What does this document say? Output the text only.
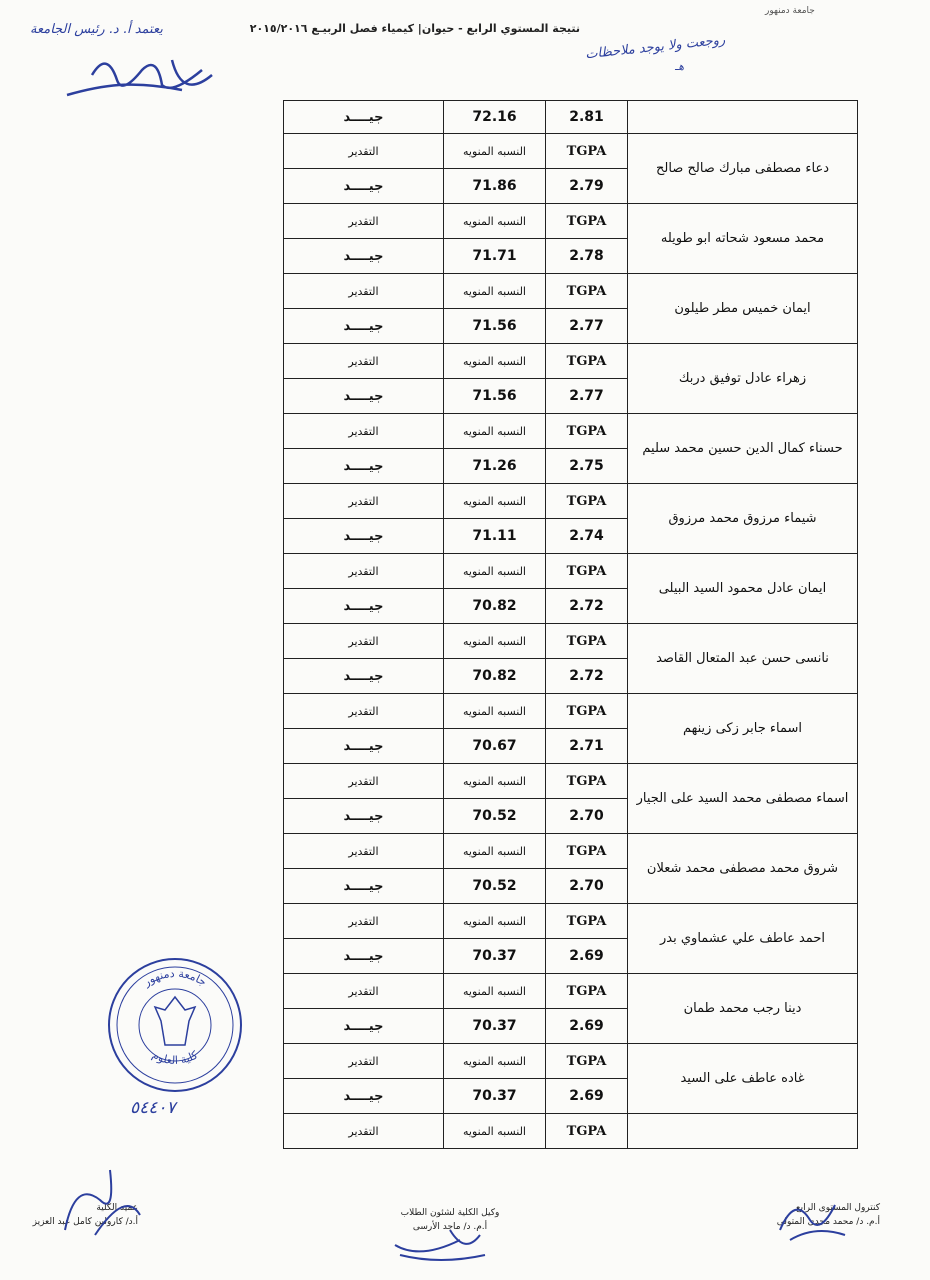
نتيجة المستوي الرابع - حيوان| كيمياء فصل الربيـع ٢٠١٥/٢٠١٦
جامعة دمنهور
يعتمد أ. د. رئيس الجامعة
روجعت ولا يوجد ملاحظات
هـ
جيــــد	72.16	2.81	
التقدير	النسبه المنويه	TGPA	دعاء مصطفى مبارك صالح صالح
جيــــد	71.86	2.79	
التقدير	النسبه المنويه	TGPA	محمد مسعود شحاته ابو طويله
جيــــد	71.71	2.78	
التقدير	النسبه المنويه	TGPA	ايمان خميس مطر طيلون
جيــــد	71.56	2.77	
التقدير	النسبه المنويه	TGPA	زهراء عادل توفيق دربك
جيــــد	71.56	2.77	
التقدير	النسبه المنويه	TGPA	حسناء كمال الدين حسين محمد سليم
جيــــد	71.26	2.75	
التقدير	النسبه المنويه	TGPA	شيماء مرزوق محمد مرزوق
جيــــد	71.11	2.74	
التقدير	النسبه المنويه	TGPA	ايمان عادل محمود السيد البيلى
جيــــد	70.82	2.72	
التقدير	النسبه المنويه	TGPA	نانسى حسن عبد المتعال القاصد
جيــــد	70.82	2.72	
التقدير	النسبه المنويه	TGPA	اسماء جابر زكى زينهم
جيــــد	70.67	2.71	
التقدير	النسبه المنويه	TGPA	اسماء مصطفى محمد السيد على الجيار
جيــــد	70.52	2.70	
التقدير	النسبه المنويه	TGPA	شروق محمد مصطفى محمد شعلان
جيــــد	70.52	2.70	
التقدير	النسبه المنويه	TGPA	احمد عاطف علي عشماوي بدر
جيــــد	70.37	2.69	
التقدير	النسبه المنويه	TGPA	دينا رجب محمد طمان
جيــــد	70.37	2.69	
التقدير	النسبه المنويه	TGPA	غاده عاطف على السيد
جيــــد	70.37	2.69	
التقدير	النسبه المنويه	TGPA	
جامعة دمنهور
كلية العلوم
٥٤٤٠٧
كنترول المستوى الرابع
أ.م. د/ محمد مجدى المتولى
وكيل الكلية لشئون الطلاب
أ.م. د/ ماجد الأرسى
عميد الكلية
أ.د/ كارولين كامل عبد العزيز
